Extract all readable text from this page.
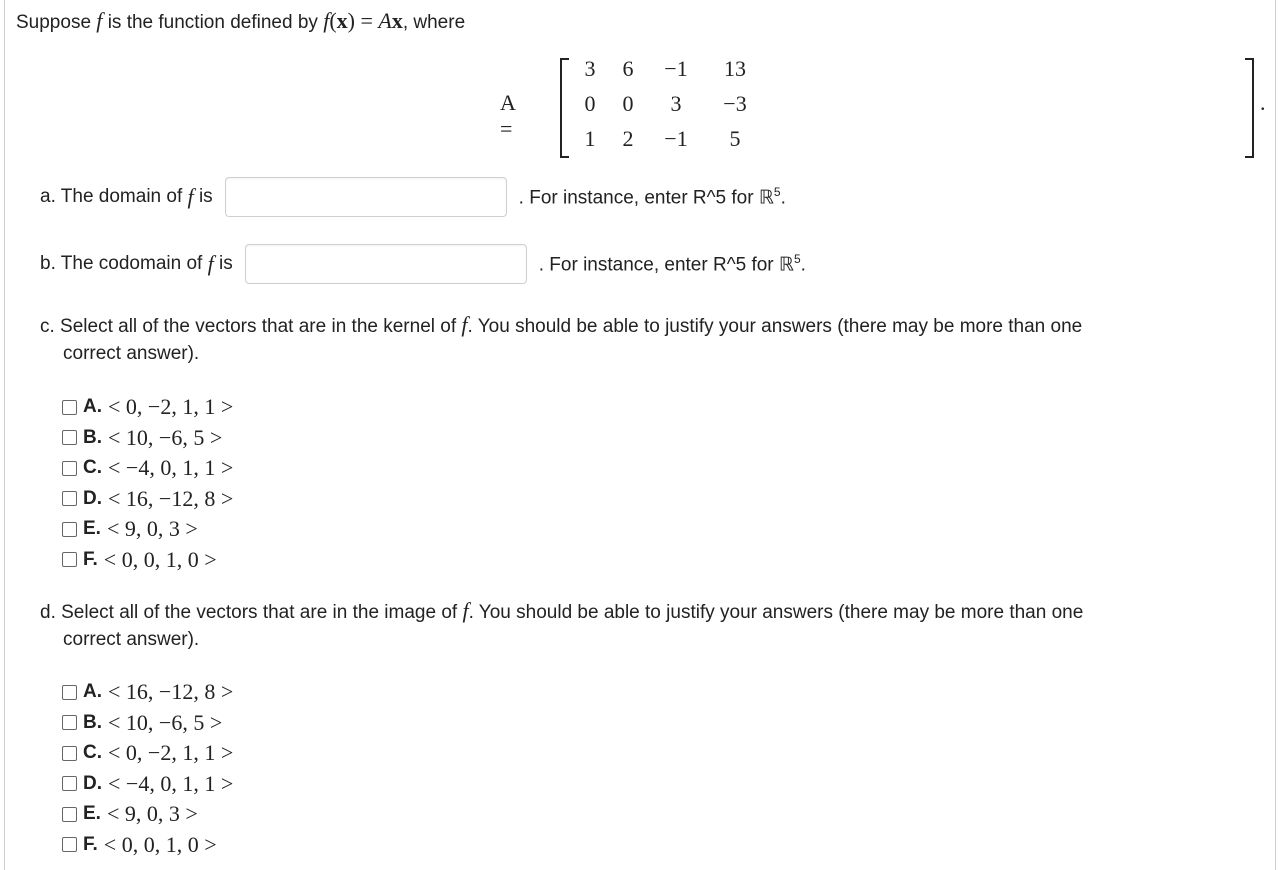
Suppose f is the function defined by f(x) = Ax, where
A =
3	6	−1	13
0	0	3	−3
1	2	−1	5
.
a. The domain of
f
is	. For instance, enter R^5 for ℝ$^5$.
b. The codomain of
f
is	. For instance, enter R^5 for ℝ$^5$.
c. Select all of the vectors that are in the kernel of f. You should be able to justify your answers (there may be more than one
correct answer).
A. < 0, −2, 1, 1 >
B. < 10, −6, 5 >
C. < −4, 0, 1, 1 >
D. < 16, −12, 8 >
E. < 9, 0, 3 >
F. < 0, 0, 1, 0 >
d. Select all of the vectors that are in the image of f. You should be able to justify your answers (there may be more than one
correct answer).
A. < 16, −12, 8 >
B. < 10, −6, 5 >
C. < 0, −2, 1, 1 >
D. < −4, 0, 1, 1 >
E. < 9, 0, 3 >
F. < 0, 0, 1, 0 >
